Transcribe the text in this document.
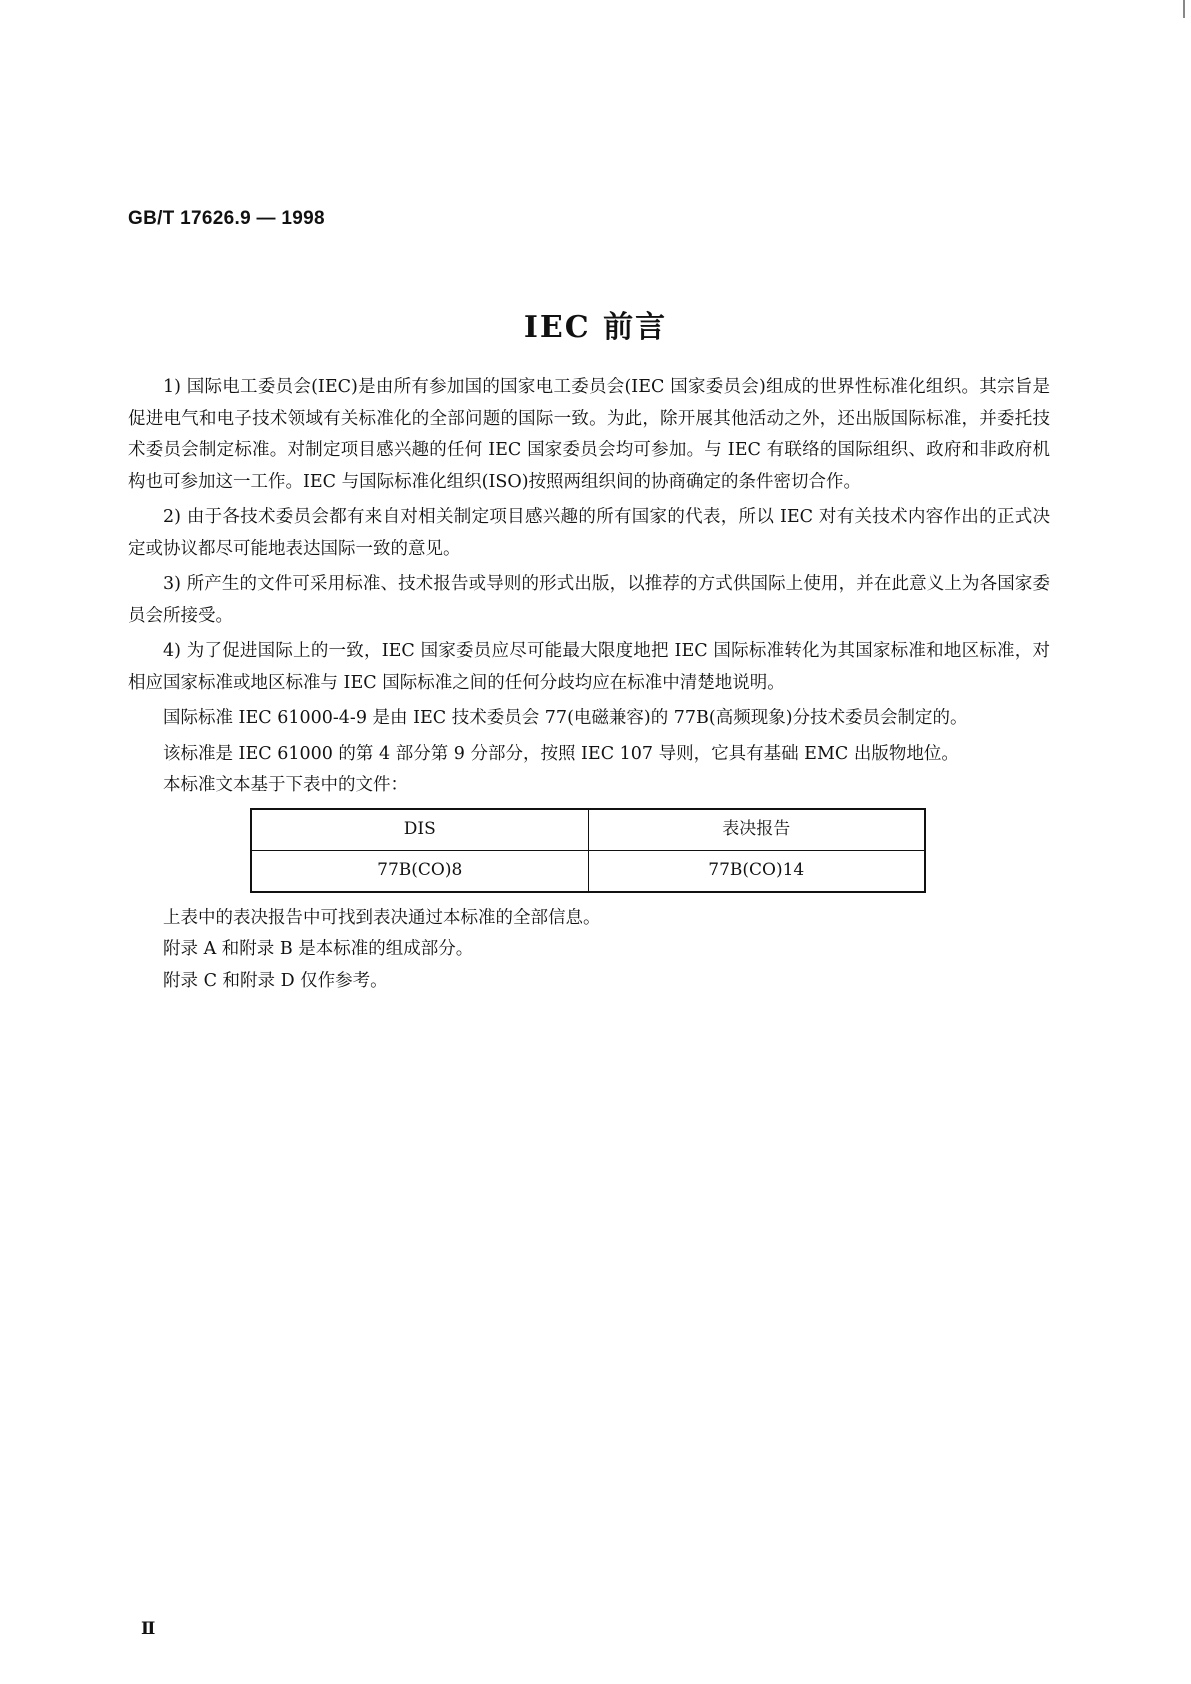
GB/T 17626.9 — 1998
IEC 前言

1) 国际电工委员会(IEC)是由所有参加国的国家电工委员会(IEC 国家委员会)组成的世界性标准化组织。其宗旨是促进电气和电子技术领域有关标准化的全部问题的国际一致。为此，除开展其他活动之外，还出版国际标准，并委托技术委员会制定标准。对制定项目感兴趣的任何 IEC 国家委员会均可参加。与 IEC 有联络的国际组织、政府和非政府机构也可参加这一工作。IEC 与国际标准化组织(ISO)按照两组织间的协商确定的条件密切合作。

2) 由于各技术委员会都有来自对相关制定项目感兴趣的所有国家的代表，所以 IEC 对有关技术内容作出的正式决定或协议都尽可能地表达国际一致的意见。

3) 所产生的文件可采用标准、技术报告或导则的形式出版，以推荐的方式供国际上使用，并在此意义上为各国家委员会所接受。

4) 为了促进国际上的一致，IEC 国家委员应尽可能最大限度地把 IEC 国际标准转化为其国家标准和地区标准，对相应国家标准或地区标准与 IEC 国际标准之间的任何分歧均应在标准中清楚地说明。

国际标准 IEC 61000-4-9 是由 IEC 技术委员会 77(电磁兼容)的 77B(高频现象)分技术委员会制定的。

该标准是 IEC 61000 的第 4 部分第 9 分部分，按照 IEC 107 导则，它具有基础 EMC 出版物地位。

本标准文本基于下表中的文件：

DIS	表决报告
77B(CO)8	77B(CO)14

上表中的表决报告中可找到表决通过本标准的全部信息。

附录 A 和附录 B 是本标准的组成部分。

附录 C 和附录 D 仅作参考。

Ⅱ
